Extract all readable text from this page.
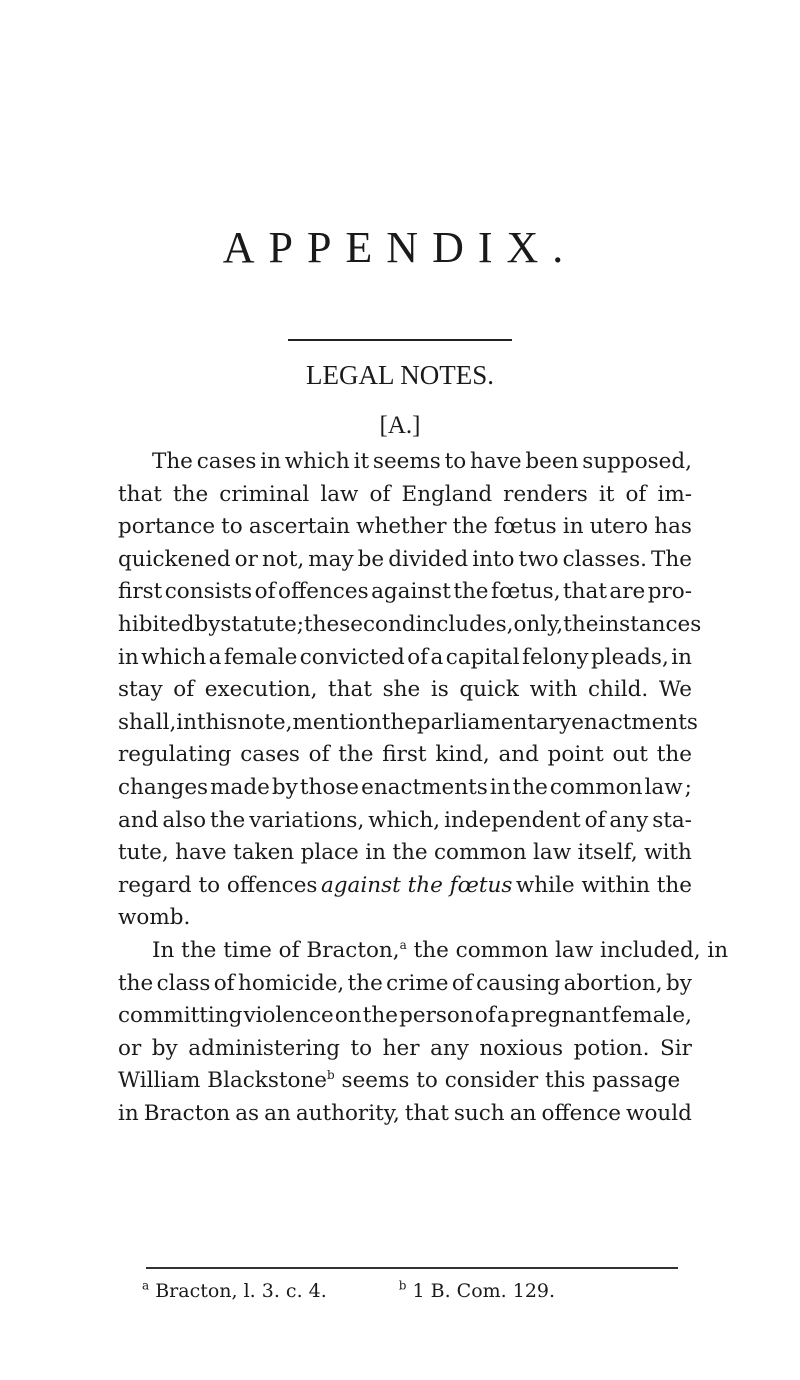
APPENDIX.
LEGAL NOTES.
[A.]
The cases in which it seems to have been supposed,
that the criminal law of England renders it of im-
portance to ascertain whether the fœtus in utero has
quickened or not, may be divided into two classes. The
first consists of offences against the fœtus, that are pro-
hibited by statute ; the second includes, only, the instances
in which a female convicted of a capital felony pleads, in
stay of execution, that she is quick with child. We
shall, in this note, mention the parliamentary enactments
regulating cases of the first kind, and point out the
changes made by those enactments in the common law ;
and also the variations, which, independent of any sta-
tute, have taken place in the common law itself, with
regard to offences against the fœtus while within the
womb.
In the time of Bracton,$^a$ the common law included, in
the class of homicide, the crime of causing abortion, by
committing violence on the person of a pregnant female,
or by administering to her any noxious potion. Sir
William Blackstone$^b$ seems to consider this passage
in Bracton as an authority, that such an offence would
$^a$ Bracton, l. 3. c. 4.	$^b$ 1 B. Com. 129.
